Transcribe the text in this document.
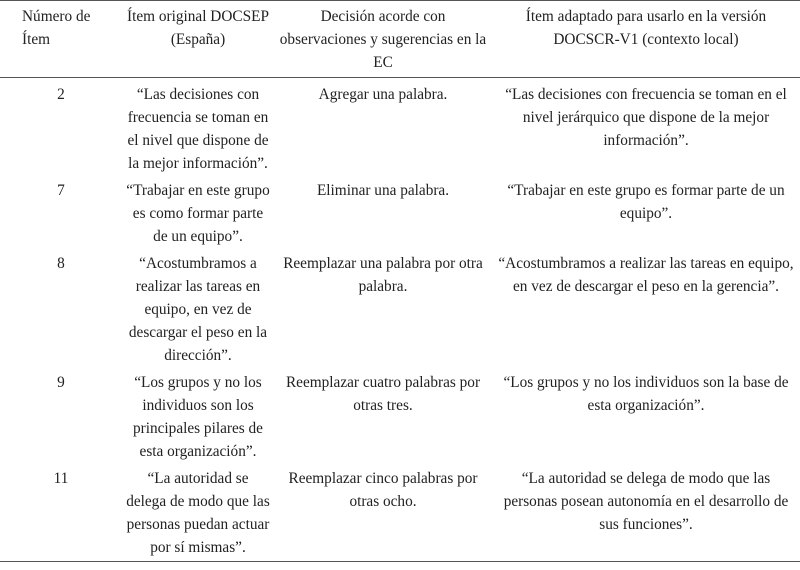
Número de Ítem	Ítem original DOCSEP (España)	Decisión acorde con observaciones y sugerencias en la EC	Ítem adaptado para usarlo en la versión DOCSCR-V1 (contexto local)
2	“Las decisiones con frecuencia se toman en el nivel que dispone de la mejor información”.	Agregar una palabra.	“Las decisiones con frecuencia se toman en el nivel jerárquico que dispone de la mejor información”.
7	“Trabajar en este grupo es como formar parte de un equipo”.	Eliminar una palabra.	“Trabajar en este grupo es formar parte de un equipo”.
8	“Acostumbramos a realizar las tareas en equipo, en vez de descargar el peso en la dirección”.	Reemplazar una palabra por otra palabra.	“Acostumbramos a realizar las tareas en equipo, en vez de descargar el peso en la gerencia”.
9	“Los grupos y no los individuos son los principales pilares de esta organización”.	Reemplazar cuatro palabras por otras tres.	“Los grupos y no los individuos son la base de esta organización”.
11	“La autoridad se delega de modo que las personas puedan actuar por sí mismas”.	Reemplazar cinco palabras por otras ocho.	“La autoridad se delega de modo que las personas posean autonomía en el desarrollo de sus funciones”.
